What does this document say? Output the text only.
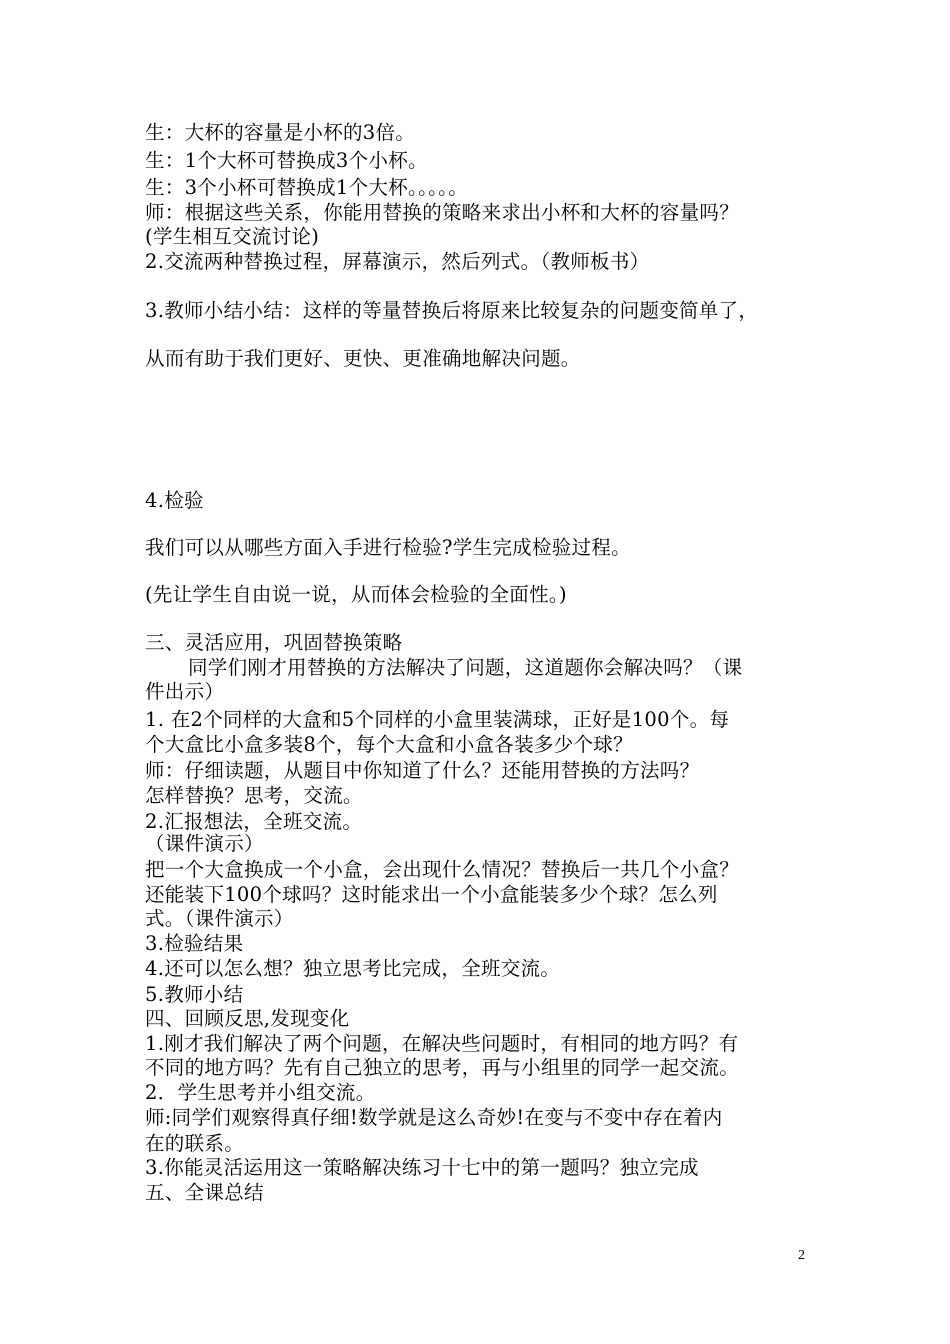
生：大杯的容量是小杯的3倍。
生：1个大杯可替换成3个小杯。
生：3个小杯可替换成1个大杯。。。。。
师：根据这些关系，你能用替换的策略来求出小杯和大杯的容量吗？
(学生相互交流讨论)
2.交流两种替换过程，屏幕演示，然后列式。（教师板书）
3.教师小结小结：这样的等量替换后将原来比较复杂的问题变简单了，
从而有助于我们更好、更快、更准确地解决问题。
4.检验
我们可以从哪些方面入手进行检验?学生完成检验过程。
(先让学生自由说一说，从而体会检验的全面性。)
三、灵活应用，巩固替换策略
同学们刚才用替换的方法解决了问题，这道题你会解决吗？（课
件出示）
1. 在2个同样的大盒和5个同样的小盒里装满球，正好是100个。每
个大盒比小盒多装8个，每个大盒和小盒各装多少个球？
师：仔细读题，从题目中你知道了什么？还能用替换的方法吗？
怎样替换？思考，交流。
2.汇报想法，全班交流。
（课件演示）
把一个大盒换成一个小盒，会出现什么情况？替换后一共几个小盒？
还能装下100个球吗？这时能求出一个小盒能装多少个球？怎么列
式。（课件演示）
3.检验结果
4.还可以怎么想？独立思考比完成，全班交流。
5.教师小结
四、回顾反思,发现变化
1.刚才我们解决了两个问题，在解决些问题时，有相同的地方吗？有
不同的地方吗？先有自己独立的思考，再与小组里的同学一起交流。
2．学生思考并小组交流。
师:同学们观察得真仔细!数学就是这么奇妙!在变与不变中存在着内
在的联系。
3.你能灵活运用这一策略解决练习十七中的第一题吗？独立完成
五、全课总结
2
